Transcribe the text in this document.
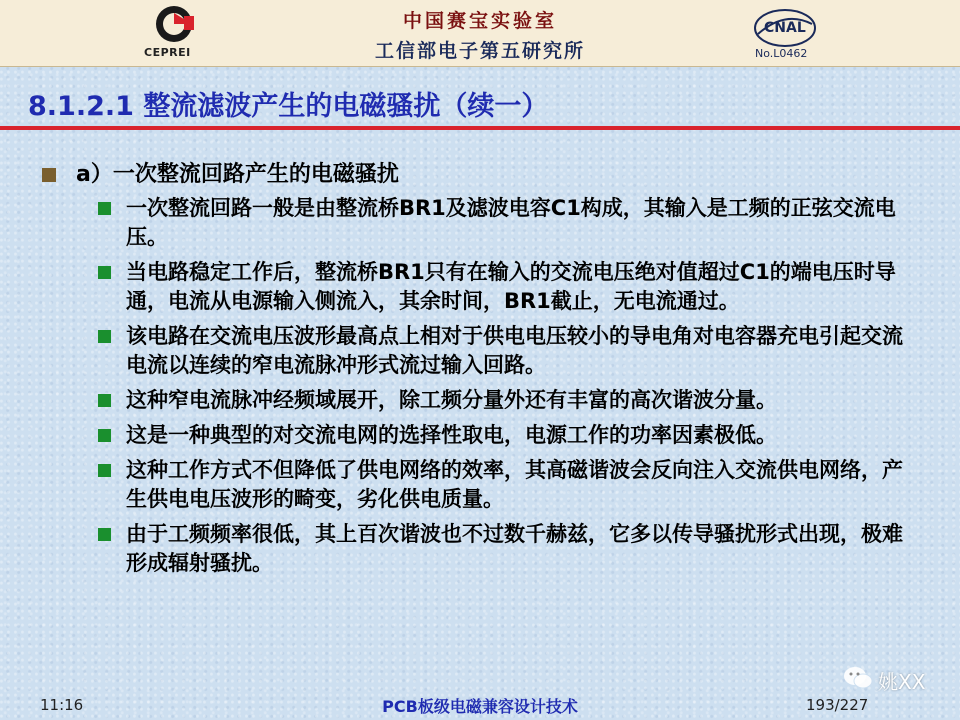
CEPREI
中国赛宝实验室
工信部电子第五研究所
CNAL
No.L0462
8.1.2.1 整流滤波产生的电磁骚扰（续一）
a）一次整流回路产生的电磁骚扰
一次整流回路一般是由整流桥BR1及滤波电容C1构成，其输入是工频的正弦交流电压。
当电路稳定工作后，整流桥BR1只有在输入的交流电压绝对值超过C1的端电压时导通，电流从电源输入侧流入，其余时间，BR1截止，无电流通过。
该电路在交流电压波形最高点上相对于供电电压较小的导电角对电容器充电引起交流电流以连续的窄电流脉冲形式流过输入回路。
这种窄电流脉冲经频域展开，除工频分量外还有丰富的高次谐波分量。
这是一种典型的对交流电网的选择性取电，电源工作的功率因素极低。
这种工作方式不但降低了供电网络的效率，其高磁谐波会反向注入交流供电网络，产生供电电压波形的畸变，劣化供电质量。
由于工频频率很低，其上百次谐波也不过数千赫兹，它多以传导骚扰形式出现，极难形成辐射骚扰。
姚XX
11:16	PCB板级电磁兼容设计技术	193/227
